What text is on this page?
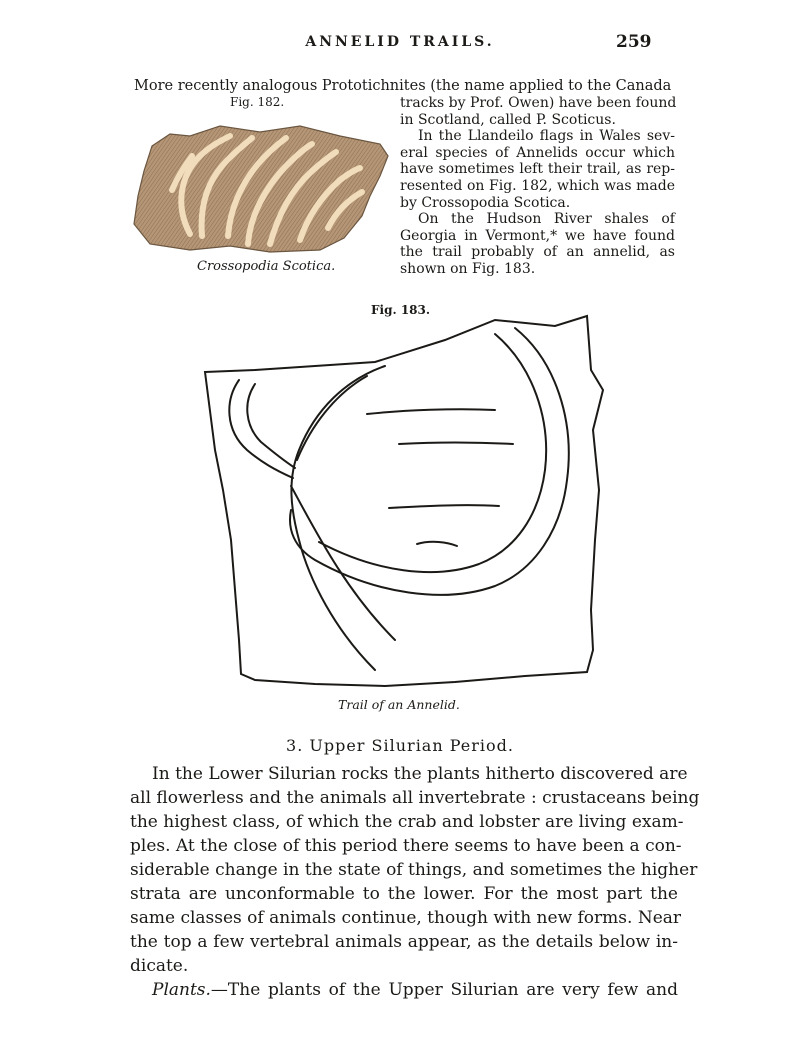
ANNELID TRAILS.	259
More recently analogous Prototichnites (the name applied to the Canada
Fig. 182.
Crossopodia Scotica.

tracks by Prof. Owen) have been found
in Scotland, called P. Scoticus.

In the Llandeilo flags in Wales sev-
eral species of Annelids occur which
have sometimes left their trail, as rep-
resented on Fig. 182, which was made
by Crossopodia Scotica.

On the Hudson River shales of
Georgia in Vermont,* we have found
the trail probably of an annelid, as
shown on Fig. 183.

Fig. 183.
Trail of an Annelid.
3. Upper Silurian Period.
In the Lower Silurian rocks the plants hitherto discovered are
all flowerless and the animals all invertebrate : crustaceans being
the highest class, of which the crab and lobster are living exam-
ples. At the close of this period there seems to have been a con-
siderable change in the state of things, and sometimes the higher
strata are unconformable to the lower. For the most part the
same classes of animals continue, though with new forms. Near
the top a few vertebral animals appear, as the details below in-
dicate.
Plants.—The plants of the Upper Silurian are very few and
